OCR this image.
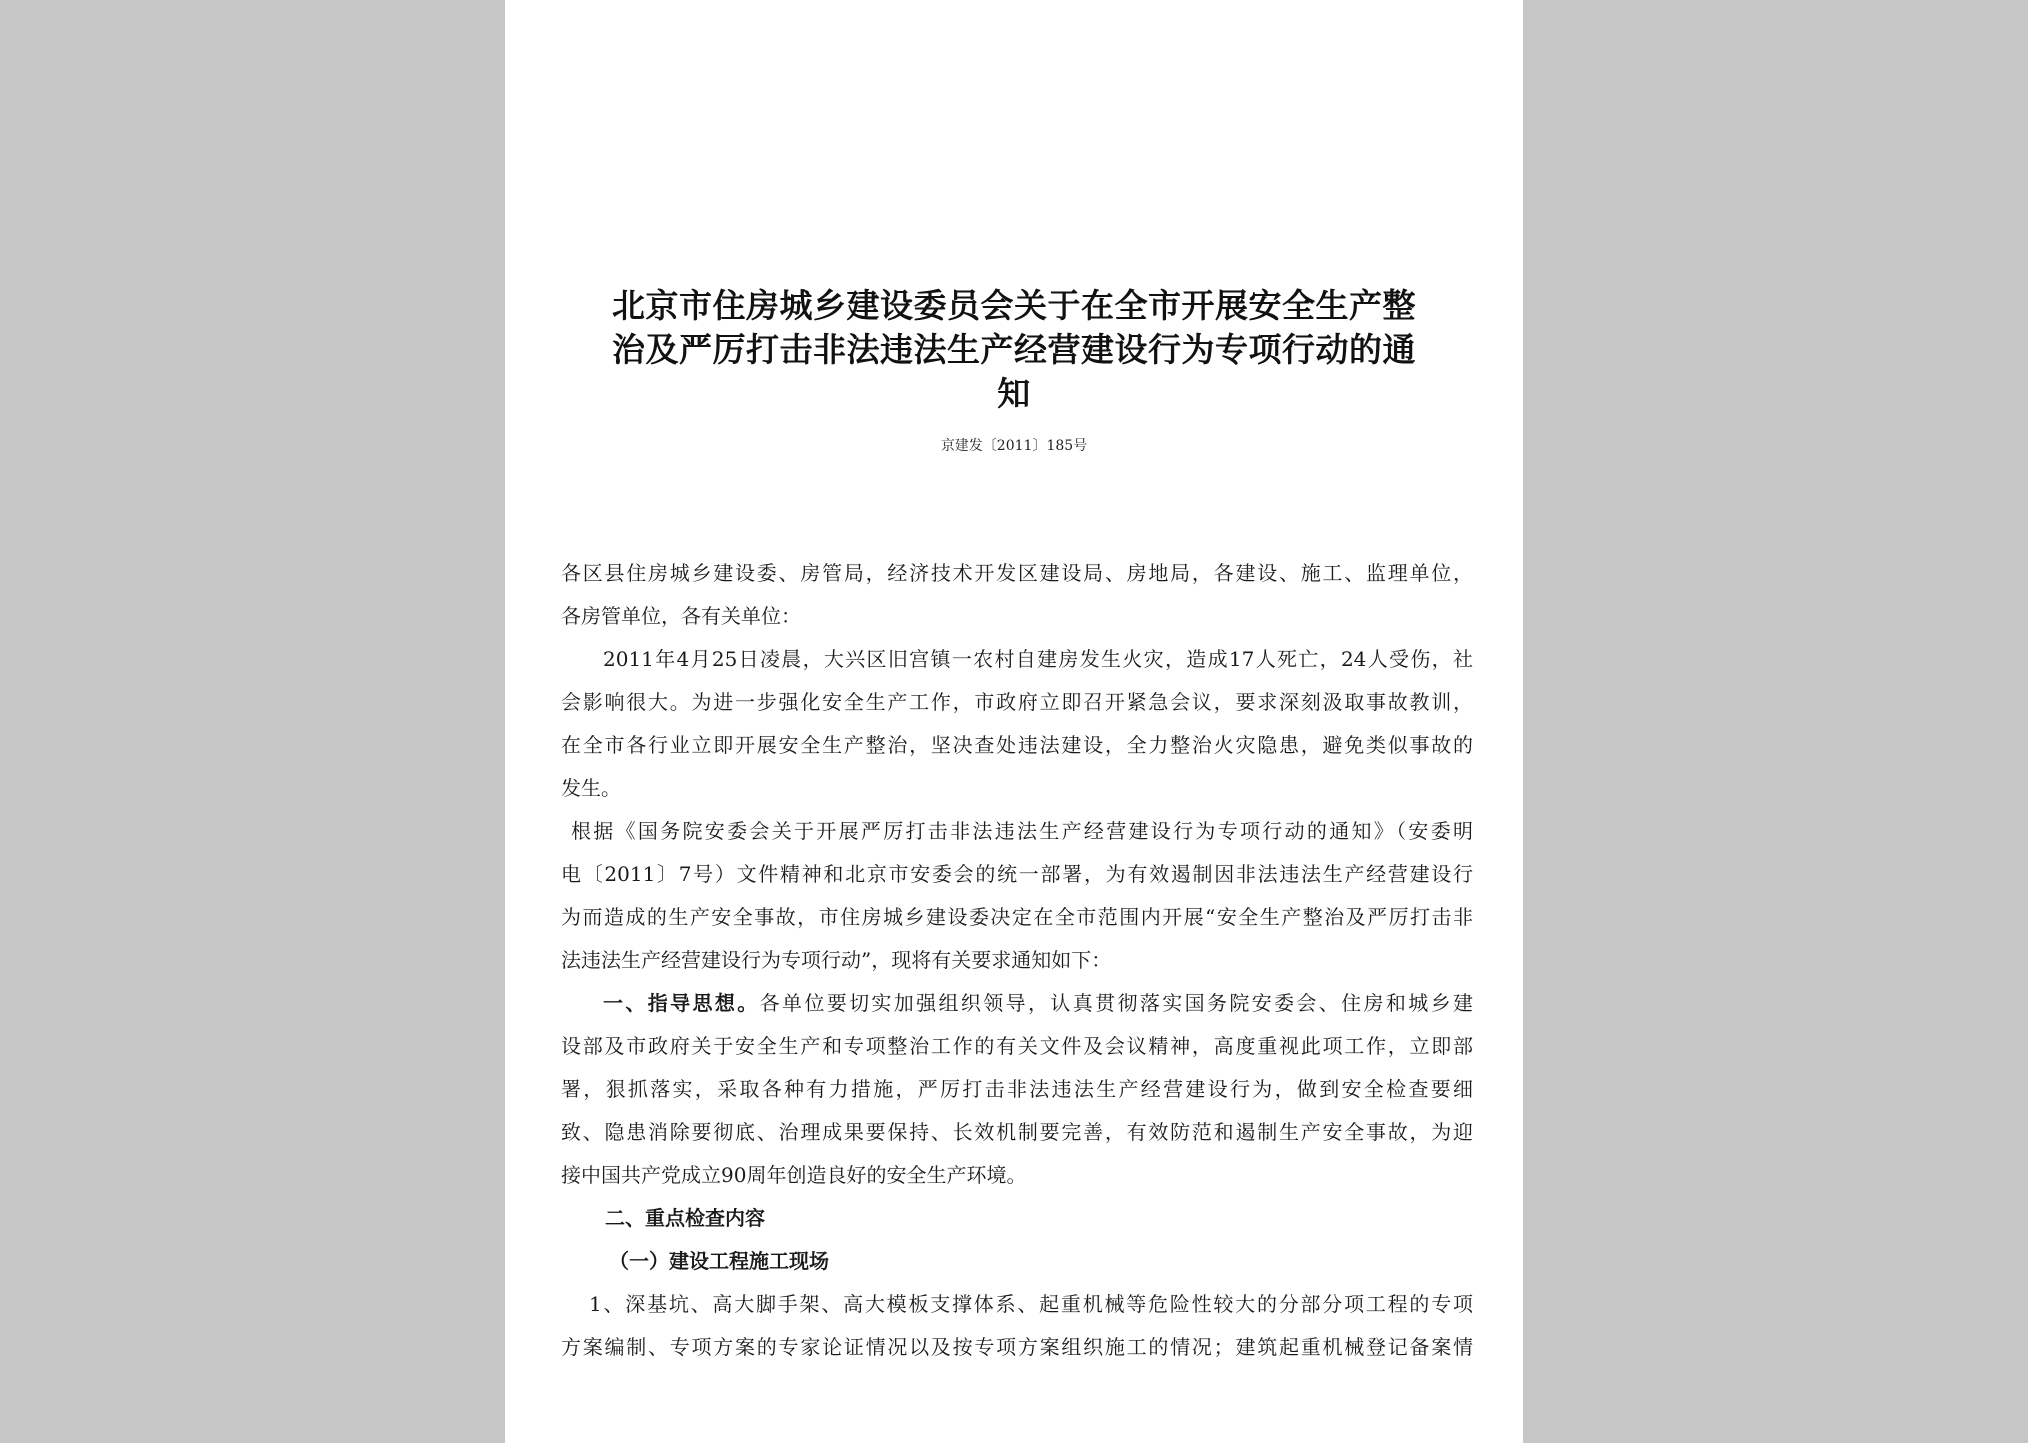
北京市住房城乡建设委员会关于在全市开展安全生产整
治及严厉打击非法违法生产经营建设行为专项行动的通
知
京建发〔2011〕185号
各区县住房城乡建设委、房管局，经济技术开发区建设局、房地局，各建设、施工、监理单位，
各房管单位，各有关单位：
2011年4月25日凌晨，大兴区旧宫镇一农村自建房发生火灾，造成17人死亡，24人受伤，社
会影响很大。为进一步强化安全生产工作，市政府立即召开紧急会议，要求深刻汲取事故教训，
在全市各行业立即开展安全生产整治，坚决查处违法建设，全力整治火灾隐患，避免类似事故的
发生。
根据《国务院安委会关于开展严厉打击非法违法生产经营建设行为专项行动的通知》（安委明
电〔2011〕7号）文件精神和北京市安委会的统一部署，为有效遏制因非法违法生产经营建设行
为而造成的生产安全事故，市住房城乡建设委决定在全市范围内开展“安全生产整治及严厉打击非
法违法生产经营建设行为专项行动”，现将有关要求通知如下：
一、指导思想。各单位要切实加强组织领导，认真贯彻落实国务院安委会、住房和城乡建
设部及市政府关于安全生产和专项整治工作的有关文件及会议精神，高度重视此项工作，立即部
署，狠抓落实，采取各种有力措施，严厉打击非法违法生产经营建设行为，做到安全检查要细
致、隐患消除要彻底、治理成果要保持、长效机制要完善，有效防范和遏制生产安全事故，为迎
接中国共产党成立90周年创造良好的安全生产环境。
二、重点检查内容
（一）建设工程施工现场
1、深基坑、高大脚手架、高大模板支撑体系、起重机械等危险性较大的分部分项工程的专项
方案编制、专项方案的专家论证情况以及按专项方案组织施工的情况；建筑起重机械登记备案情
